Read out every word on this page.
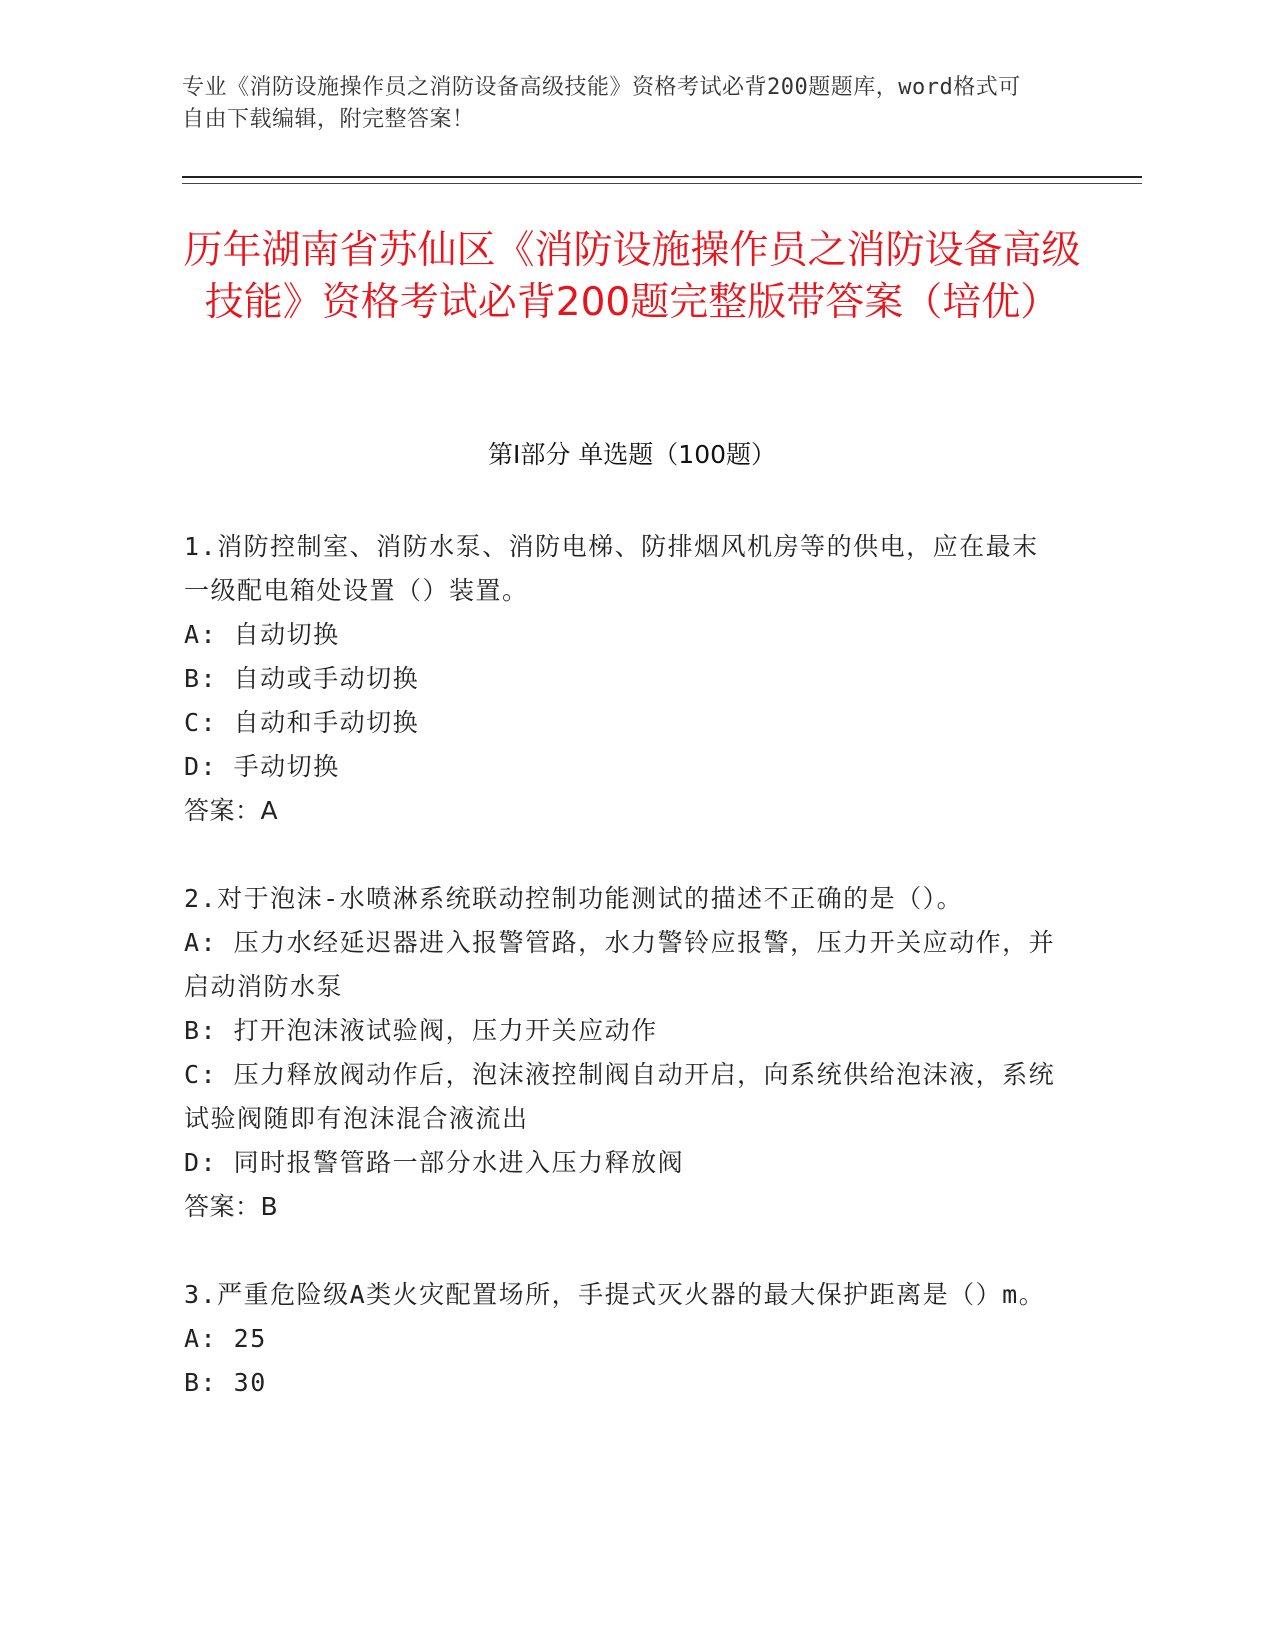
专业《消防设施操作员之消防设备高级技能》资格考试必背200题题库，word格式可自由下载编辑，附完整答案！
历年湖南省苏仙区《消防设施操作员之消防设备高级技能》资格考试必背200题完整版带答案（培优）
第I部分 单选题（100题）

1.消防控制室、消防水泵、消防电梯、防排烟风机房等的供电，应在最末一级配电箱处设置（）装置。

A: 自动切换

B: 自动或手动切换

C: 自动和手动切换

D: 手动切换

答案：A

2.对于泡沫-水喷淋系统联动控制功能测试的描述不正确的是（）。

A: 压力水经延迟器进入报警管路，水力警铃应报警，压力开关应动作，并启动消防水泵

B: 打开泡沫液试验阀，压力开关应动作

C: 压力释放阀动作后，泡沫液控制阀自动开启，向系统供给泡沫液，系统试验阀随即有泡沫混合液流出

D: 同时报警管路一部分水进入压力释放阀

答案：B

3.严重危险级A类火灾配置场所，手提式灭火器的最大保护距离是（）m。

A: 25

B: 30
